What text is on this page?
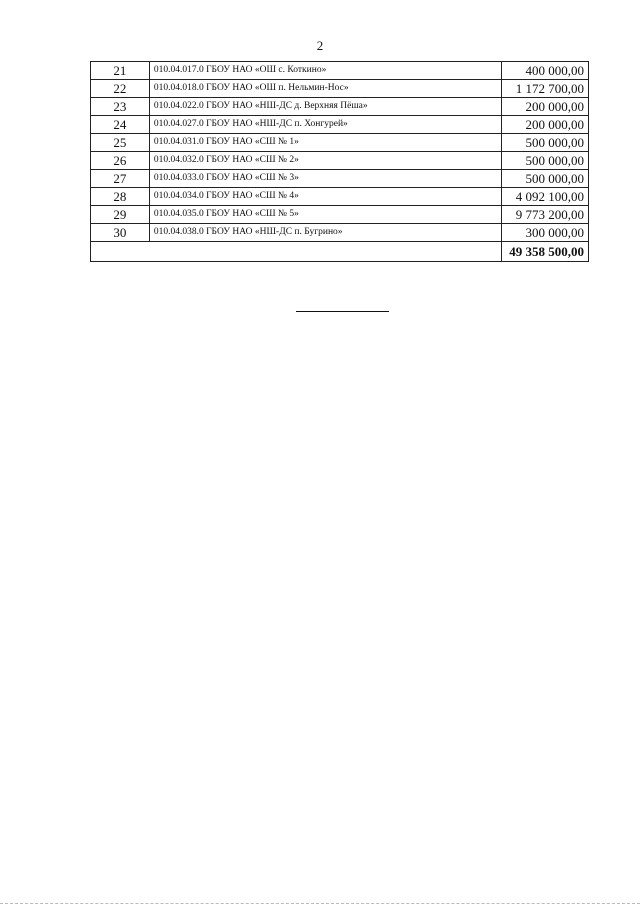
2
21	010.04.017.0 ГБОУ НАО «ОШ с. Коткино»	400 000,00
22	010.04.018.0 ГБОУ НАО «ОШ п. Нельмин-Нос»	1 172 700,00
23	010.04.022.0 ГБОУ НАО «НШ-ДС д. Верхняя Пёша»	200 000,00
24	010.04.027.0 ГБОУ НАО «НШ-ДС п. Хонгурей»	200 000,00
25	010.04.031.0 ГБОУ НАО «СШ № 1»	500 000,00
26	010.04.032.0 ГБОУ НАО «СШ № 2»	500 000,00
27	010.04.033.0 ГБОУ НАО «СШ № 3»	500 000,00
28	010.04.034.0 ГБОУ НАО «СШ № 4»	4 092 100,00
29	010.04.035.0 ГБОУ НАО «СШ № 5»	9 773 200,00
30	010.04.038.0 ГБОУ НАО «НШ-ДС п. Бугрино»	300 000,00
		49 358 500,00
